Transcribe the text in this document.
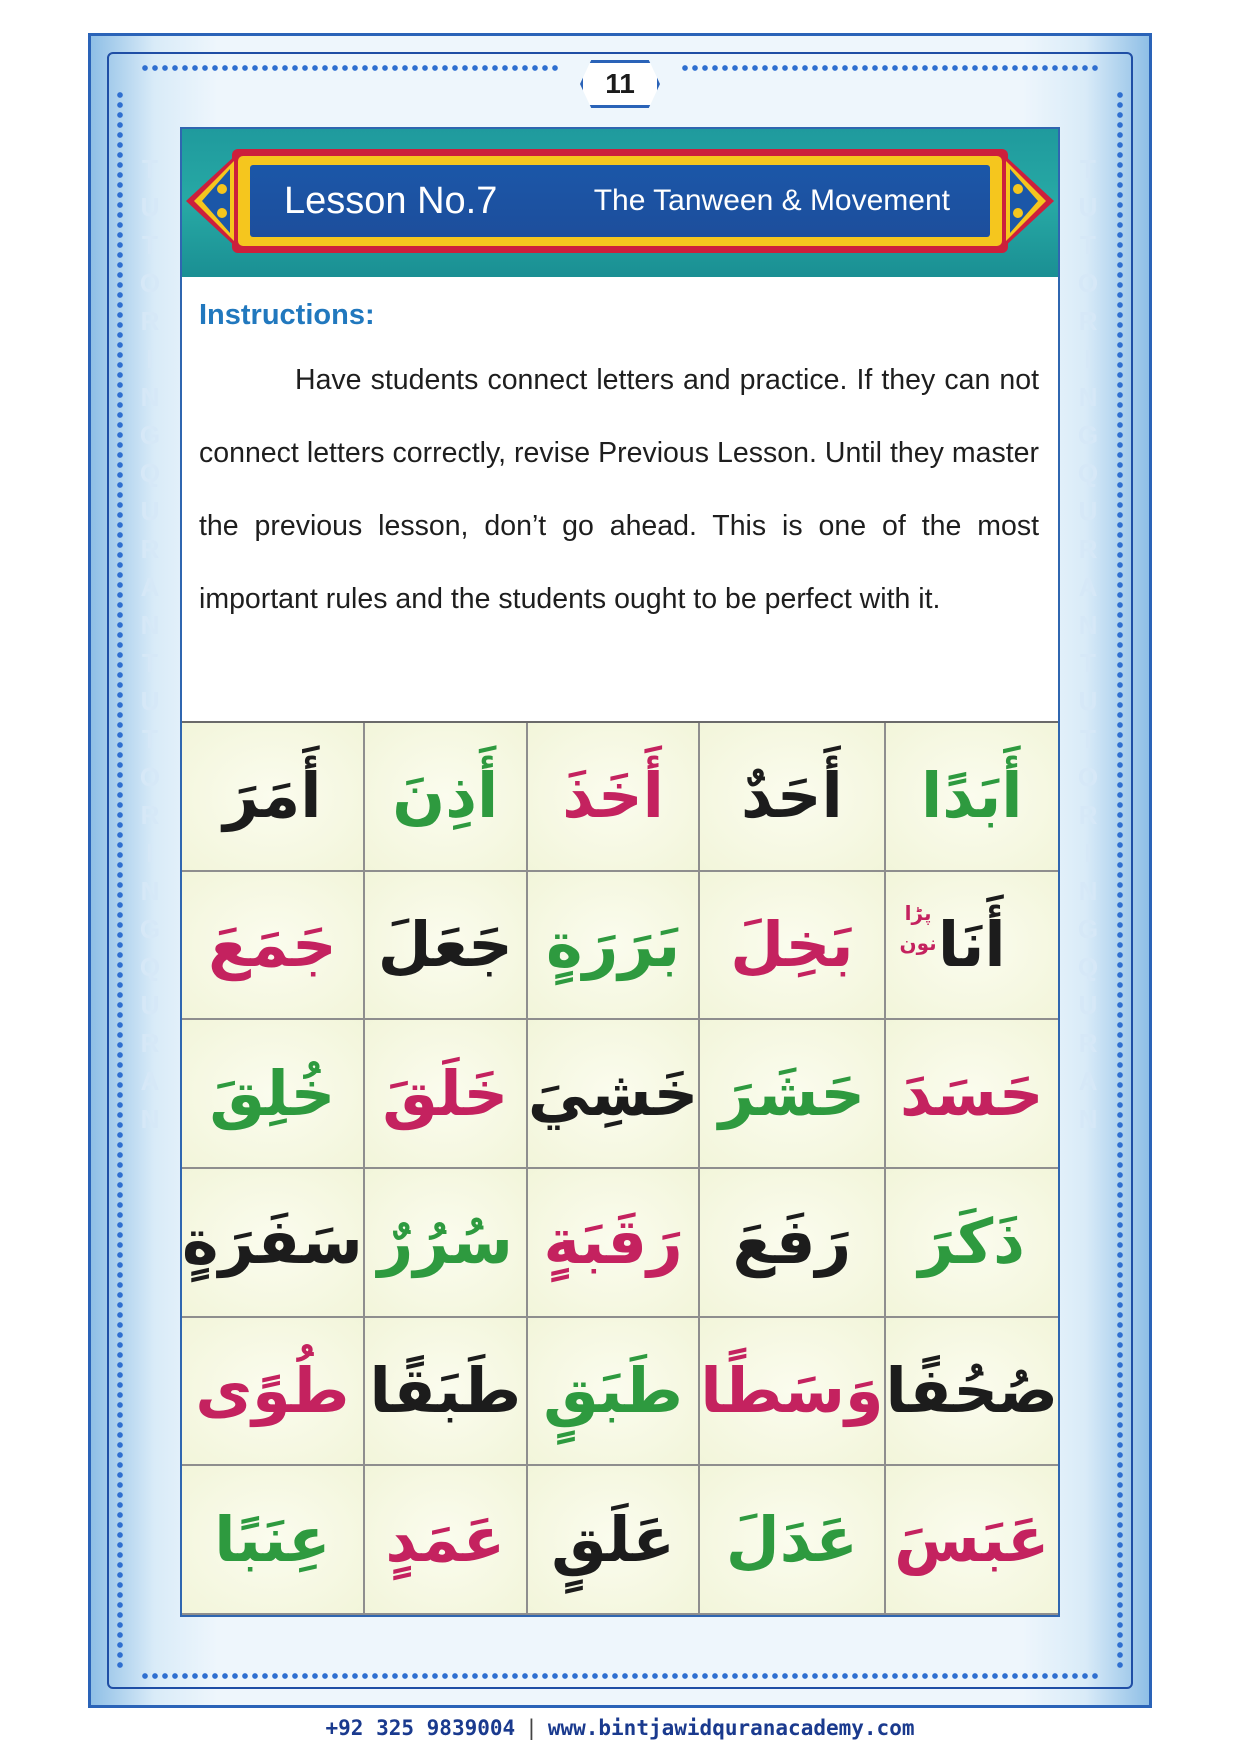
TUTORING QURAN TUTORING QURAN
TUTORING QURAN TUTORING QURAN
11
Lesson No.7	The Tanween & Movement
Instructions:

Have students connect letters and practice. If they can not connect letters correctly, revise Previous Lesson. Until they master the previous lesson, don’t go ahead. This is one of the most important rules and the students ought to be perfect with it.

أَبَدًا
أَحَدٌ
أَخَذَ
أَذِنَ
أَمَرَ
أَنَا
پڑا
نون
بَخِلَ
بَرَرَةٍ
جَعَلَ
جَمَعَ
حَسَدَ
حَشَرَ
خَشِيَ
خَلَقَ
خُلِقَ
ذَكَرَ
رَفَعَ
رَقَبَةٍ
سُرُرٌ
سَفَرَةٍ
صُحُفًا
وَسَطًا
طَبَقٍ
طَبَقًا
طُوًى
عَبَسَ
عَدَلَ
عَلَقٍ
عَمَدٍ
عِنَبًا
+92 325 9839004 | www.bintjawidquranacademy.com
